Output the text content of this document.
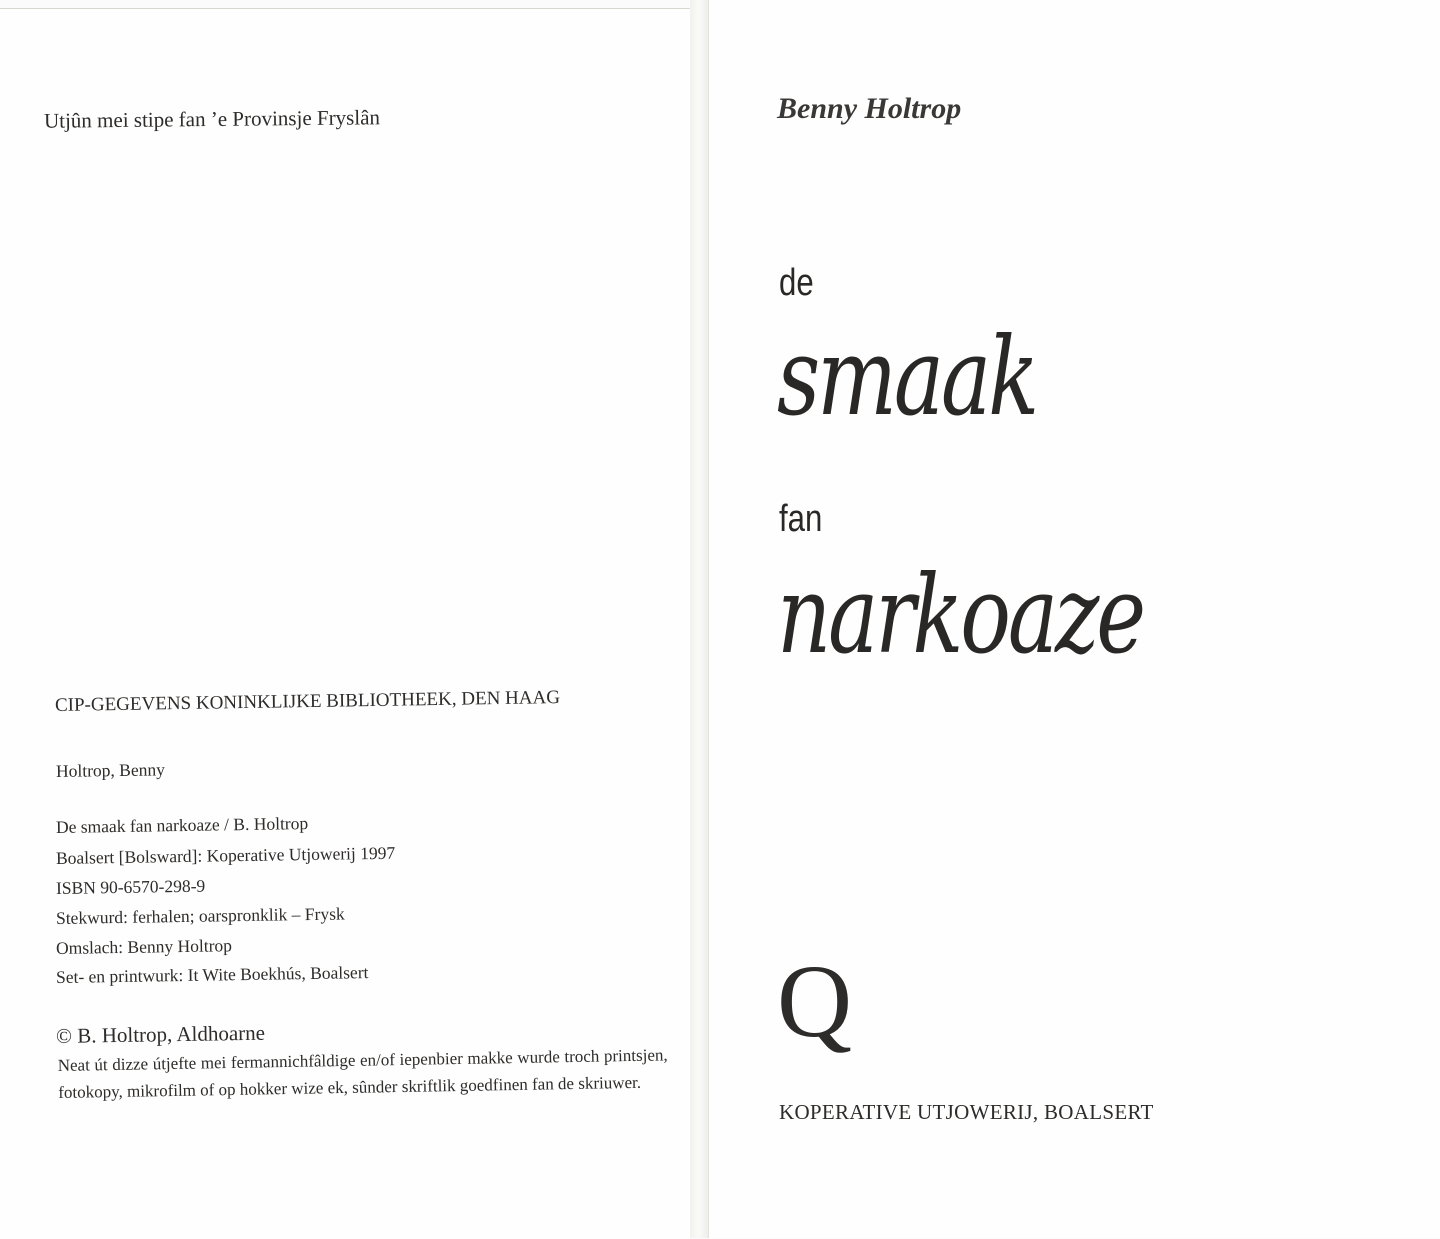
Utjûn mei stipe fan ’e Provinsje Fryslân
CIP-GEGEVENS KONINKLIJKE BIBLIOTHEEK, DEN HAAG
Holtrop, Benny
De smaak fan narkoaze / B. Holtrop
Boalsert [Bolsward]: Koperative Utjowerij 1997
ISBN 90-6570-298-9
Stekwurd: ferhalen; oarspronklik – Frysk
Omslach: Benny Holtrop
Set- en printwurk: It Wite Boekhús, Boalsert
© B. Holtrop, Aldhoarne
Neat út dizze útjefte mei fermannichfâldige en/of iepenbier makke wurde troch printsjen, fotokopy, mikrofilm of op hokker wize ek, sûnder skriftlik goedfinen fan de skriuwer.
Benny Holtrop
de
smaak
fan
narkoaze
Q
KOPERATIVE UTJOWERIJ, BOALSERT
